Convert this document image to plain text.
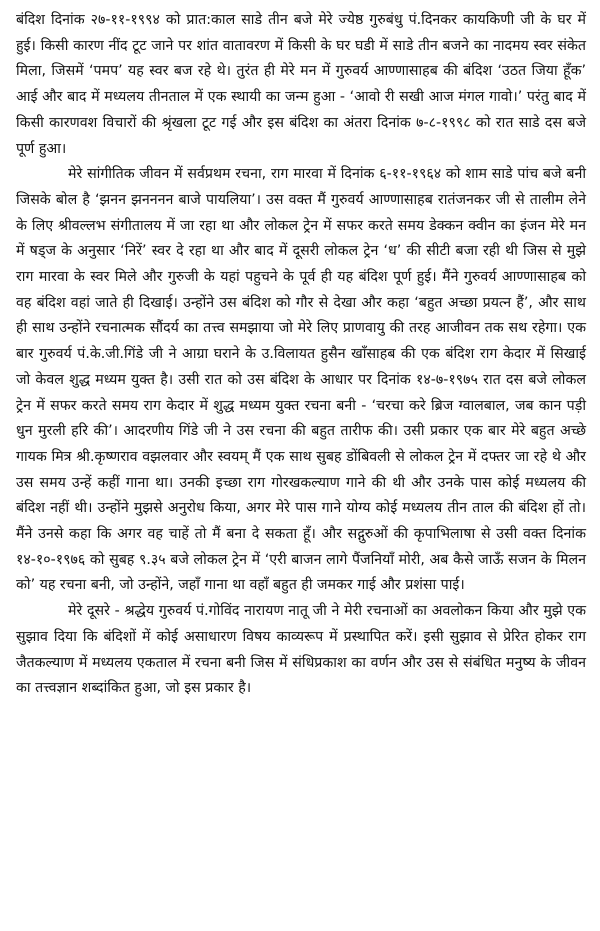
बंदिश दिनांक २७-११-१९९४ को प्रात:काल साडे तीन बजे मेरे ज्येष्ठ गुरुबंधु पं.दिनकर कायकिणी जी के घर में हुई। किसी कारण नींद टूट जाने पर शांत वातावरण में किसी के घर घडी में साडे तीन बजने का नादमय स्वर संकेत मिला, जिसमें ‘पमप’ यह स्वर बज रहे थे। तुरंत ही मेरे मन में गुरुवर्य आण्णासाहब की बंदिश ‘उठत जिया हूँक’ आई और बाद में मध्यलय तीनताल में एक स्थायी का जन्म हुआ - ‘आवो री सखी आज मंगल गावो।’ परंतु बाद में किसी कारणवश विचारों की श्रृंखला टूट गई और इस बंदिश का अंतरा दिनांक ७-८-१९९८ को रात साडे दस बजे पूर्ण हुआ।

मेरे सांगीतिक जीवन में सर्वप्रथम रचना, राग मारवा में दिनांक ६-११-१९६४ को शाम साडे पांच बजे बनी जिसके बोल है ‘झनन झनननन बाजे पायलिया’। उस वक्त मैं गुरुवर्य आण्णासाहब रातंजनकर जी से तालीम लेने के लिए श्रीवल्लभ संगीतालय में जा रहा था और लोकल ट्रेन में सफर करते समय डेक्कन क्वीन का इंजन मेरे मन में षड्ज के अनुसार ‘निरें’ स्वर दे रहा था और बाद में दूसरी लोकल ट्रेन ‘ध’ की सीटी बजा रही थी जिस से मुझे राग मारवा के स्वर मिले और गुरुजी के यहां पहुचने के पूर्व ही यह बंदिश पूर्ण हुई। मैंने गुरुवर्य आण्णासाहब को वह बंदिश वहां जाते ही दिखाई। उन्होंने उस बंदिश को गौर से देखा और कहा ‘बहुत अच्छा प्रयत्न हैं’, और साथ ही साथ उन्होंने रचनात्मक सौंदर्य का तत्त्व समझाया जो मेरे लिए प्राणवायु की तरह आजीवन तक सथ रहेगा। एक बार गुरुवर्य पं.के.जी.गिंडे जी ने आग्रा घराने के उ.विलायत हुसैन खाँसाहब की एक बंदिश राग केदार में सिखाई जो केवल शुद्ध मध्यम युक्त है। उसी रात को उस बंदिश के आधार पर दिनांक १४-७-१९७५ रात दस बजे लोकल ट्रेन में सफर करते समय राग केदार में शुद्ध मध्यम युक्त रचना बनी - ‘चरचा करे ब्रिज ग्वालबाल, जब कान पड़ी धुन मुरली हरि की’। आदरणीय गिंडे जी ने उस रचना की बहुत तारीफ की। उसी प्रकार एक बार मेरे बहुत अच्छे गायक मित्र श्री.कृष्णराव वझलवार और स्वयम् मैं एक साथ सुबह डोंबिवली से लोकल ट्रेन में दफ्तर जा रहे थे और उस समय उन्हें कहीं गाना था। उनकी इच्छा राग गोरखकल्याण गाने की थी और उनके पास कोई मध्यलय की बंदिश नहीं थी। उन्होंने मुझसे अनुरोध किया, अगर मेरे पास गाने योग्य कोई मध्यलय तीन ताल की बंदिश हों तो। मैंने उनसे कहा कि अगर वह चाहें तो मैं बना दे सकता हूँ। और सद्गुरुओं की कृपाभिलाषा से उसी वक्त दिनांक १४-१०-१९७६ को सुबह ९.३५ बजे लोकल ट्रेन में ‘एरी बाजन लागे पैंजनियाँ मोरी, अब कैसे जाऊँ सजन के मिलन को’ यह रचना बनी, जो उन्होंने, जहाँ गाना था वहाँ बहुत ही जमकर गाई और प्रशंसा पाई।

मेरे दूसरे - श्रद्धेय गुरुवर्य पं.गोविंद नारायण नातू जी ने मेरी रचनाओं का अवलोकन किया और मुझे एक सुझाव दिया कि बंदिशों में कोई असाधारण विषय काव्यरूप में प्रस्थापित करें। इसी सुझाव से प्रेरित होकर राग जैतकल्याण में मध्यलय एकताल में रचना बनी जिस में संधिप्रकाश का वर्णन और उस से संबंधित मनुष्य के जीवन का तत्त्वज्ञान शब्दांकित हुआ, जो इस प्रकार है।
